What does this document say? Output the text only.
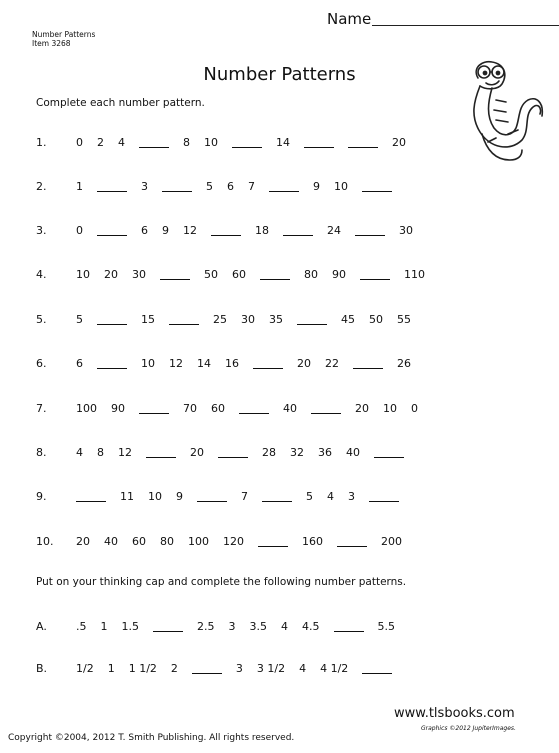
Name
Number Patterns
Item 3268
Number Patterns
Complete each number pattern.
1.	0 2 4	8 10	14	20
2.	1	3	5 6 7	9 10
3.	0	6 9 12	18	24	30
4.	10 20 30	50 60	80 90	110
5.	5	15	25 30 35	45 50 55
6.	6	10 12 14 16	20 22	26
7.	100 90	70 60	40	20 10 0
8.	4 8 12	20	28 32 36 40
9.	11 10 9	7	5 4 3
10. 20 40 60 80 100 120	160	200
Put on your thinking cap and complete the following number patterns.
A.	.5 1 1.5	2.5 3 3.5 4 4.5	5.5
B.	1/2 1 1 1/2 2	3 3 1/2 4 4 1/2
www.tlsbooks.com
Graphics ©2012 JupiterImages.
Copyright ©2004, 2012 T. Smith Publishing. All rights reserved.
